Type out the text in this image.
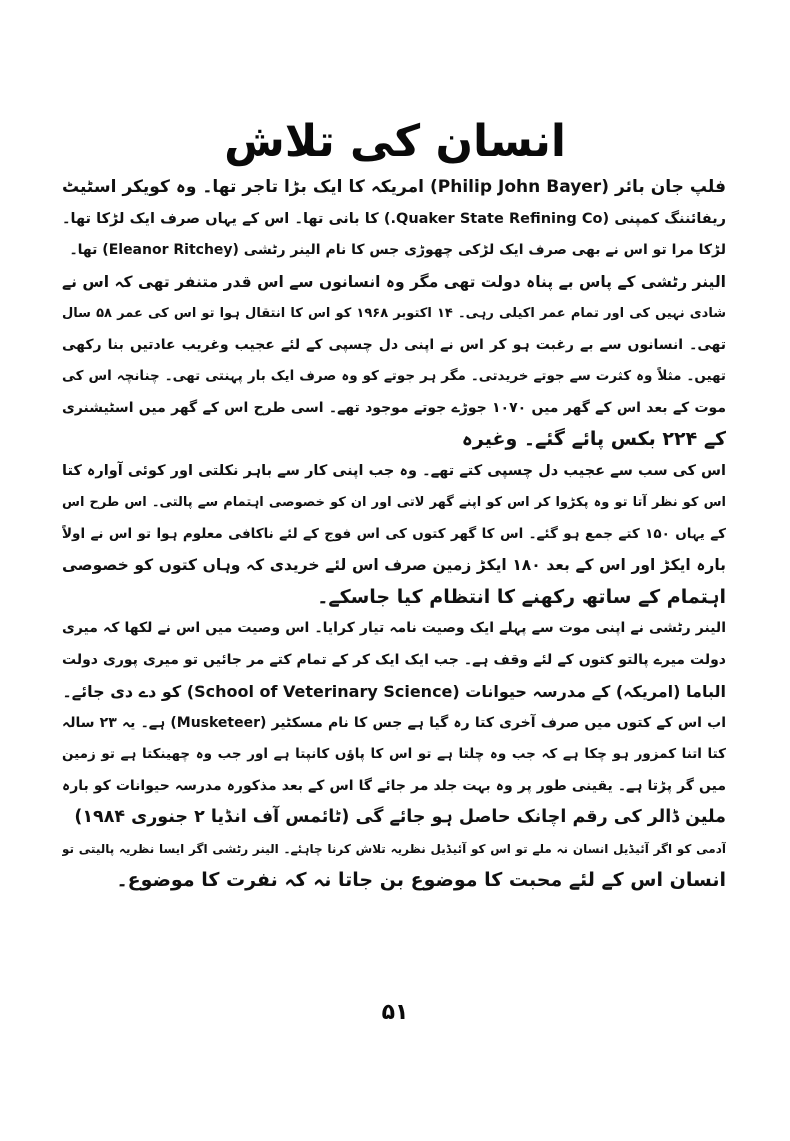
انسان کی تلاش
فلپ جان بائر (Philip John Bayer) امریکہ کا ایک بڑا تاجر تھا۔ وہ کویکر اسٹیٹ
ریفائننگ کمپنی (Quaker State Refining Co.) کا بانی تھا۔ اس کے یہاں صرف ایک لڑکا تھا۔
لڑکا مرا تو اس نے بھی صرف ایک لڑکی چھوڑی جس کا نام الینر رٹشی (Eleanor Ritchey) تھا۔
الینر رٹشی کے پاس بے پناہ دولت تھی مگر وہ انسانوں سے اس قدر متنفر تھی کہ اس نے
شادی نہیں کی اور تمام عمر اکیلی رہی۔ ۱۴ اکتوبر ۱۹۶۸ کو اس کا انتقال ہوا تو اس کی عمر ۵۸ سال
تھی۔ انسانوں سے بے رغبت ہو کر اس نے اپنی دل چسپی کے لئے عجیب وغریب عادتیں بنا رکھی
تھیں۔ مثلاً وہ کثرت سے جوتے خریدتی۔ مگر ہر جوتے کو وہ صرف ایک بار پہنتی تھی۔ چنانچہ اس کی
موت کے بعد اس کے گھر میں ۱۰۷۰ جوڑے جوتے موجود تھے۔ اسی طرح اس کے گھر میں اسٹیشنری
کے ۲۲۴ بکس پائے گئے۔ وغیرہ
اس کی سب سے عجیب دل چسپی کتے تھے۔ وہ جب اپنی کار سے باہر نکلتی اور کوئی آوارہ کتا
اس کو نظر آتا تو وہ پکڑوا کر اس کو اپنے گھر لاتی اور ان کو خصوصی اہتمام سے پالتی۔ اس طرح اس
کے یہاں ۱۵۰ کتے جمع ہو گئے۔ اس کا گھر کتوں کی اس فوج کے لئے ناکافی معلوم ہوا تو اس نے اولاً
بارہ ایکڑ اور اس کے بعد ۱۸۰ ایکڑ زمین صرف اس لئے خریدی کہ وہاں کتوں کو خصوصی
اہتمام کے ساتھ رکھنے کا انتظام کیا جاسکے۔
الینر رٹشی نے اپنی موت سے پہلے ایک وصیت نامہ تیار کرایا۔ اس وصیت میں اس نے لکھا کہ میری
دولت میرے پالتو کتوں کے لئے وقف ہے۔ جب ایک ایک کر کے تمام کتے مر جائیں تو میری پوری دولت
الباما (امریکہ) کے مدرسہ حیوانات (School of Veterinary Science) کو دے دی جائے۔
اب اس کے کتوں میں صرف آخری کتا رہ گیا ہے جس کا نام مسکٹیر (Musketeer) ہے۔ یہ ۲۳ سالہ
کتا اتنا کمزور ہو چکا ہے کہ جب وہ چلتا ہے تو اس کا پاؤں کانپتا ہے اور جب وہ چھینکتا ہے تو زمین
میں گر پڑتا ہے۔ یقینی طور پر وہ بہت جلد مر جائے گا اس کے بعد مذکورہ مدرسہ حیوانات کو بارہ
ملین ڈالر کی رقم اچانک حاصل ہو جائے گی (ٹائمس آف انڈیا ۲ جنوری ۱۹۸۴)
آدمی کو اگر آئیڈیل انسان نہ ملے تو اس کو آئیڈیل نظریہ تلاش کرنا چاہئے۔ الینر رٹشی اگر ایسا نظریہ پالیتی تو
انسان اس کے لئے محبت کا موضوع بن جاتا نہ کہ نفرت کا موضوع۔
۵۱
